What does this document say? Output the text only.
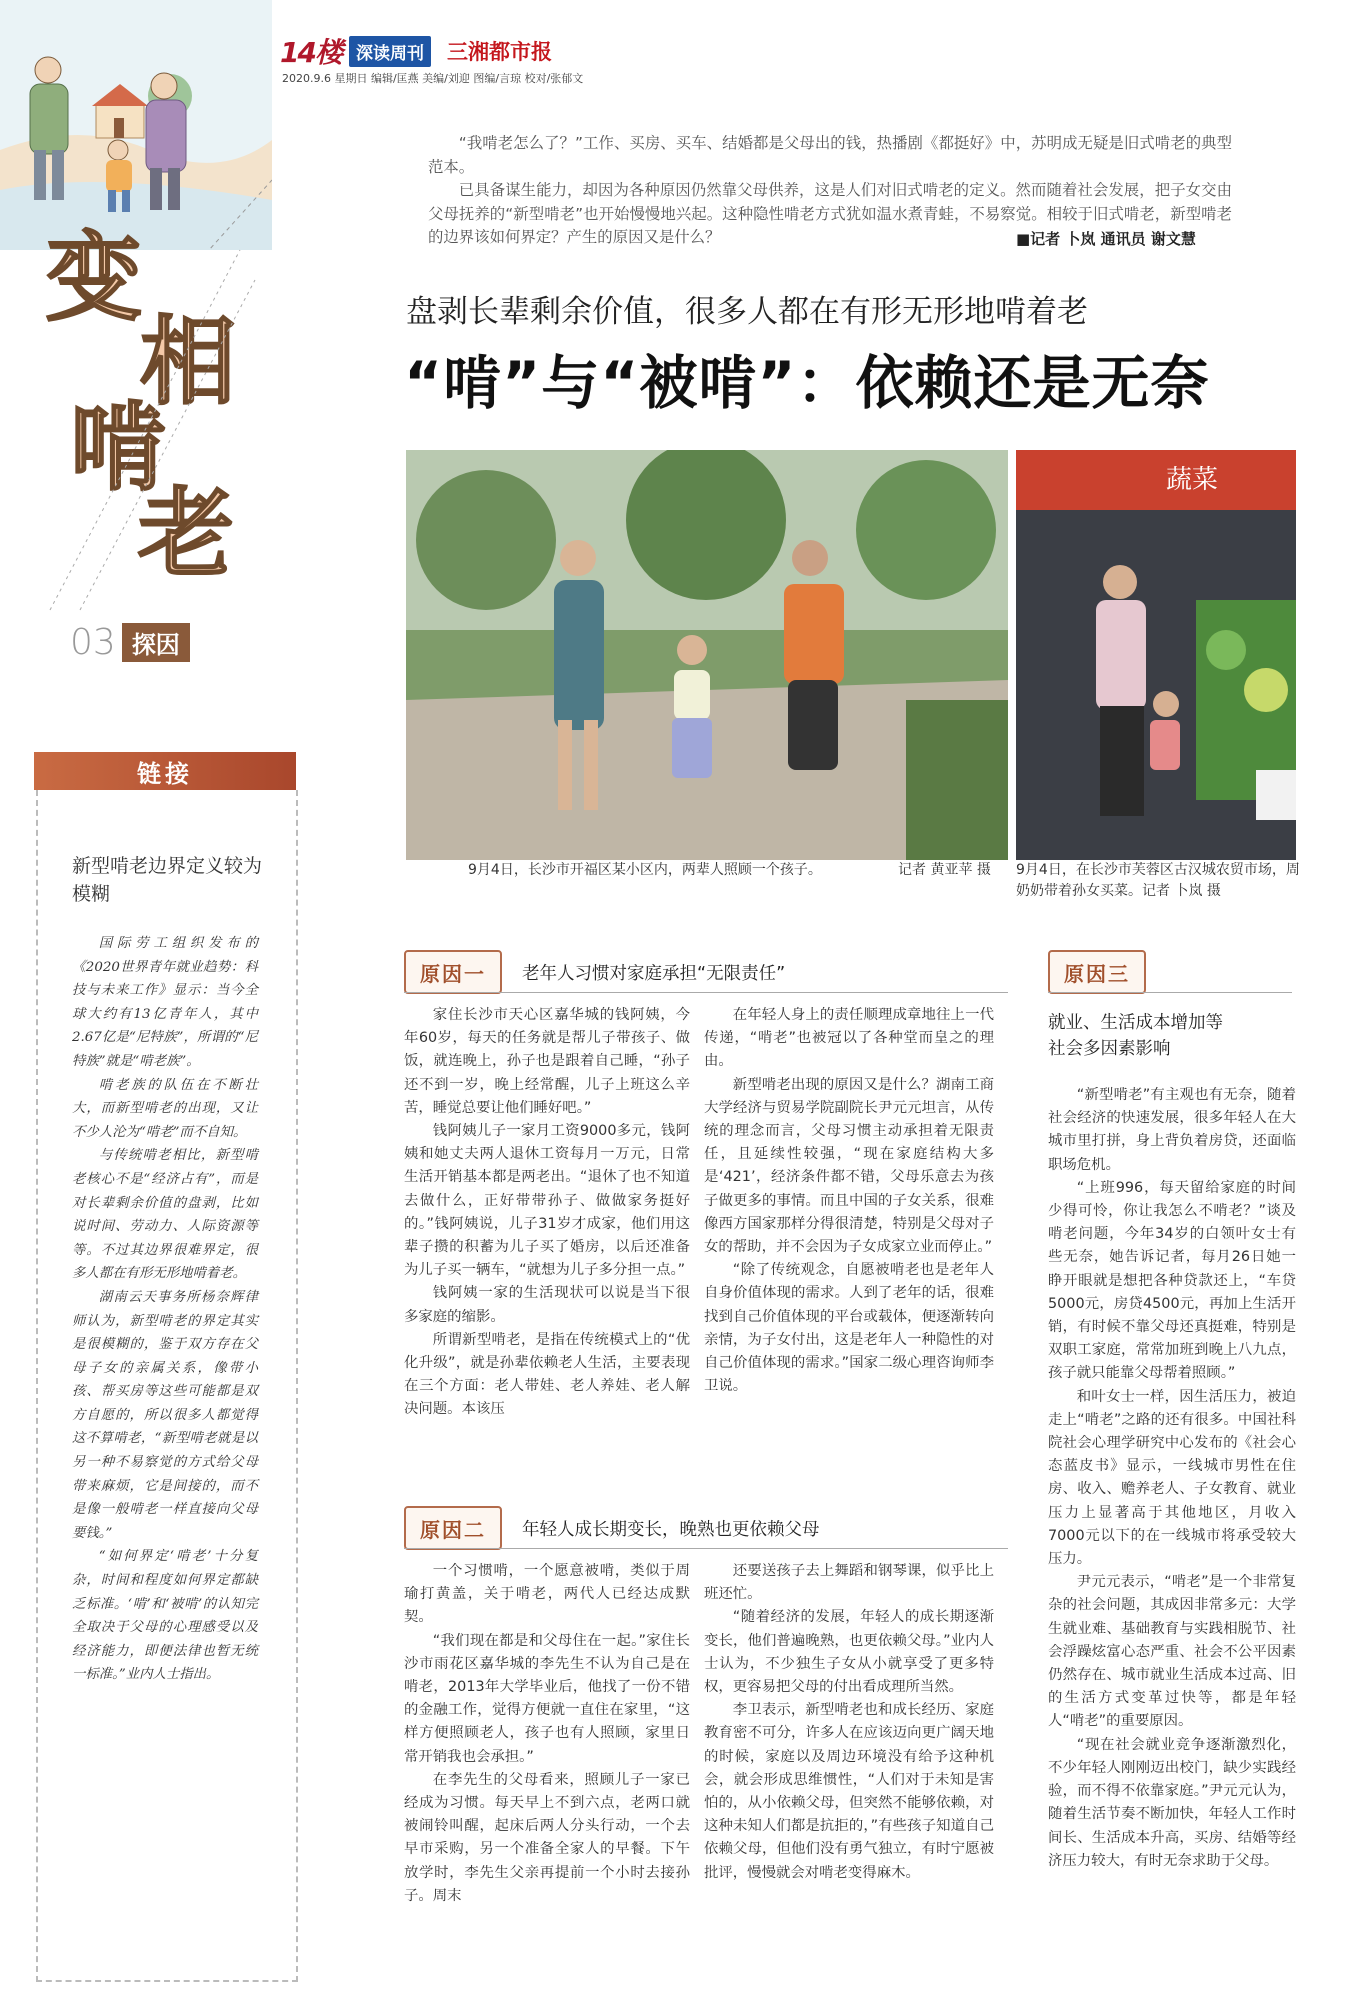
14楼 深读周刊	三湘都市报
2020.9.6 星期日 编辑/匡燕 美编/刘迎 图编/言琼 校对/张郁文
变
相
啃
老
03 探因
链接
新型啃老边界定义较为模糊

国际劳工组织发布的《2020世界青年就业趋势：科技与未来工作》显示：当今全球大约有13亿青年人，其中2.67亿是“尼特族”，所谓的“尼特族”就是“啃老族”。

啃老族的队伍在不断壮大，而新型啃老的出现，又让不少人沦为“啃老”而不自知。

与传统啃老相比，新型啃老核心不是“经济占有”，而是对长辈剩余价值的盘剥，比如说时间、劳动力、人际资源等等。不过其边界很难界定，很多人都在有形无形地啃着老。

湖南云天事务所杨奈辉律师认为，新型啃老的界定其实是很模糊的，鉴于双方存在父母子女的亲属关系，像带小孩、帮买房等这些可能都是双方自愿的，所以很多人都觉得这不算啃老，“新型啃老就是以另一种不易察觉的方式给父母带来麻烦，它是间接的，而不是像一般啃老一样直接向父母要钱。”

“如何界定‘啃老’十分复杂，时间和程度如何界定都缺乏标准。‘啃’和‘被啃’的认知完全取决于父母的心理感受以及经济能力，即便法律也暂无统一标准。”业内人士指出。

“我啃老怎么了？”工作、买房、买车、结婚都是父母出的钱，热播剧《都挺好》中，苏明成无疑是旧式啃老的典型范本。

已具备谋生能力，却因为各种原因仍然靠父母供养，这是人们对旧式啃老的定义。然而随着社会发展，把子女交由父母抚养的“新型啃老”也开始慢慢地兴起。这种隐性啃老方式犹如温水煮青蛙，不易察觉。相较于旧式啃老，新型啃老的边界该如何界定？产生的原因又是什么？	■记者 卜岚 通讯员 谢文慧
盘剥长辈剩余价值，很多人都在有形无形地啃着老
“啃”与“被啃”：依赖还是无奈
蔬菜
9月4日，长沙市开福区某小区内，两辈人照顾一个孩子。	记者 黄亚苹 摄	9月4日，在长沙市芙蓉区古汉城农贸市场，周奶奶带着孙女买菜。记者 卜岚 摄
原因一	老年人习惯对家庭承担“无限责任”

家住长沙市天心区嘉华城的钱阿姨，今年60岁，每天的任务就是帮儿子带孩子、做饭，就连晚上，孙子也是跟着自己睡，“孙子还不到一岁，晚上经常醒，儿子上班这么辛苦，睡觉总要让他们睡好吧。”

钱阿姨儿子一家月工资9000多元，钱阿姨和她丈夫两人退休工资每月一万元，日常生活开销基本都是两老出。“退休了也不知道去做什么，正好带带孙子、做做家务挺好的。”钱阿姨说，儿子31岁才成家，他们用这辈子攒的积蓄为儿子买了婚房，以后还准备为儿子买一辆车，“就想为儿子多分担一点。”

钱阿姨一家的生活现状可以说是当下很多家庭的缩影。

所谓新型啃老，是指在传统模式上的“优化升级”，就是孙辈依赖老人生活，主要表现在三个方面：老人带娃、老人养娃、老人解决问题。本该压

在年轻人身上的责任顺理成章地往上一代传递，“啃老”也被冠以了各种堂而皇之的理由。

新型啃老出现的原因又是什么？湖南工商大学经济与贸易学院副院长尹元元坦言，从传统的理念而言，父母习惯主动承担着无限责任，且延续性较强，“现在家庭结构大多是‘421’，经济条件都不错，父母乐意去为孩子做更多的事情。而且中国的子女关系，很难像西方国家那样分得很清楚，特别是父母对子女的帮助，并不会因为子女成家立业而停止。”

“除了传统观念，自愿被啃老也是老年人自身价值体现的需求。人到了老年的话，很难找到自己价值体现的平台或载体，便逐渐转向亲情，为子女付出，这是老年人一种隐性的对自己价值体现的需求。”国家二级心理咨询师李卫说。

原因二	年轻人成长期变长，晚熟也更依赖父母

一个习惯啃，一个愿意被啃，类似于周瑜打黄盖，关于啃老，两代人已经达成默契。

“我们现在都是和父母住在一起。”家住长沙市雨花区嘉华城的李先生不认为自己是在啃老，2013年大学毕业后，他找了一份不错的金融工作，觉得方便就一直住在家里，“这样方便照顾老人，孩子也有人照顾，家里日常开销我也会承担。”

在李先生的父母看来，照顾儿子一家已经成为习惯。每天早上不到六点，老两口就被闹铃叫醒，起床后两人分头行动，一个去早市采购，另一个准备全家人的早餐。下午放学时，李先生父亲再提前一个小时去接孙子。周末

还要送孩子去上舞蹈和钢琴课，似乎比上班还忙。

“随着经济的发展，年轻人的成长期逐渐变长，他们普遍晚熟，也更依赖父母。”业内人士认为，不少独生子女从小就享受了更多特权，更容易把父母的付出看成理所当然。

李卫表示，新型啃老也和成长经历、家庭教育密不可分，许多人在应该迈向更广阔天地的时候，家庭以及周边环境没有给予这种机会，就会形成思维惯性，“人们对于未知是害怕的，从小依赖父母，但突然不能够依赖，对这种未知人们都是抗拒的，”有些孩子知道自己依赖父母，但他们没有勇气独立，有时宁愿被批评，慢慢就会对啃老变得麻木。

原因三
就业、生活成本增加等社会多因素影响

“新型啃老”有主观也有无奈，随着社会经济的快速发展，很多年轻人在大城市里打拼，身上背负着房贷，还面临职场危机。

“上班996，每天留给家庭的时间少得可怜，你让我怎么不啃老？”谈及啃老问题，今年34岁的白领叶女士有些无奈，她告诉记者，每月26日她一睁开眼就是想把各种贷款还上，“车贷5000元，房贷4500元，再加上生活开销，有时候不靠父母还真挺难，特别是双职工家庭，常常加班到晚上八九点，孩子就只能靠父母帮着照顾。”

和叶女士一样，因生活压力，被迫走上“啃老”之路的还有很多。中国社科院社会心理学研究中心发布的《社会心态蓝皮书》显示，一线城市男性在住房、收入、赡养老人、子女教育、就业压力上显著高于其他地区，月收入7000元以下的在一线城市将承受较大压力。

尹元元表示，“啃老”是一个非常复杂的社会问题，其成因非常多元：大学生就业难、基础教育与实践相脱节、社会浮躁炫富心态严重、社会不公平因素仍然存在、城市就业生活成本过高、旧的生活方式变革过快等，都是年轻人“啃老”的重要原因。

“现在社会就业竞争逐渐激烈化，不少年轻人刚刚迈出校门，缺少实践经验，而不得不依靠家庭。”尹元元认为，随着生活节奏不断加快，年轻人工作时间长、生活成本升高，买房、结婚等经济压力较大，有时无奈求助于父母。
